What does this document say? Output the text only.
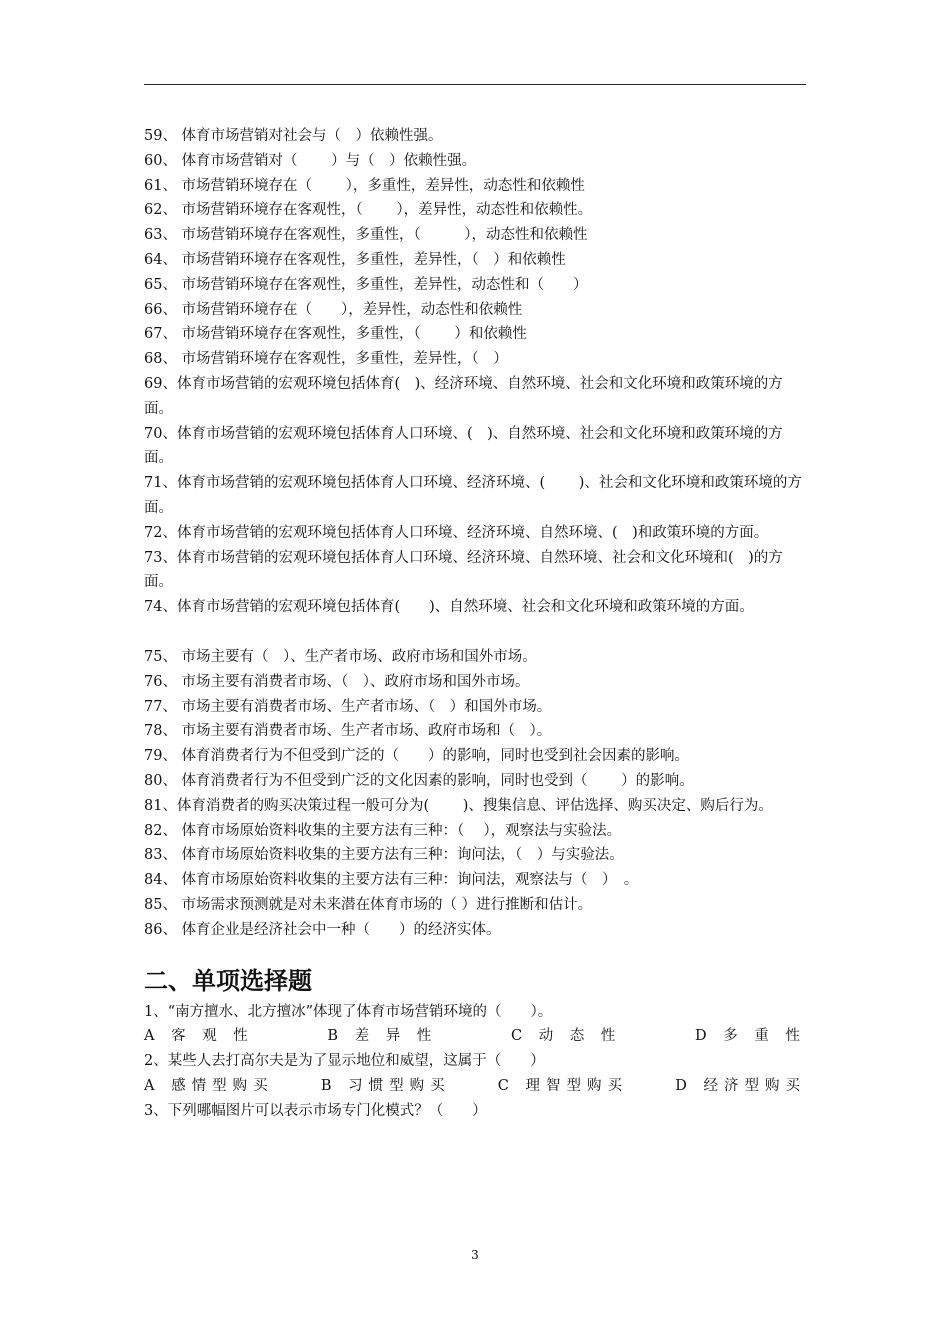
59、 体育市场营销对社会与（　）依赖性强。
60、 体育市场营销对（　　 ）与（　）依赖性强。
61、 市场营销环境存在（　　 ），多重性，差异性，动态性和依赖性
62、 市场营销环境存在客观性，（　　 ），差异性，动态性和依赖性。
63、 市场营销环境存在客观性，多重性，（　　　），动态性和依赖性
64、 市场营销环境存在客观性，多重性，差异性，（　）和依赖性
65、 市场营销环境存在客观性，多重性，差异性，动态性和（　　）
66、 市场营销环境存在（　　），差异性，动态性和依赖性
67、 市场营销环境存在客观性，多重性，（　　 ）和依赖性
68、 市场营销环境存在客观性，多重性，差异性，（　）
69、体育市场营销的宏观环境包括体育(　)、经济环境、自然环境、社会和文化环境和政策环境的方面。
70、体育市场营销的宏观环境包括体育人口环境、(　)、自然环境、社会和文化环境和政策环境的方面。
71、体育市场营销的宏观环境包括体育人口环境、经济环境、(　　 )、社会和文化环境和政策环境的方面。
72、体育市场营销的宏观环境包括体育人口环境、经济环境、自然环境、(　)和政策环境的方面。
73、体育市场营销的宏观环境包括体育人口环境、经济环境、自然环境、社会和文化环境和(　)的方面。
74、体育市场营销的宏观环境包括体育(　　)、自然环境、社会和文化环境和政策环境的方面。
75、 市场主要有（　）、生产者市场、政府市场和国外市场。
76、 市场主要有消费者市场、（　）、政府市场和国外市场。
77、 市场主要有消费者市场、生产者市场、（　）和国外市场。
78、 市场主要有消费者市场、生产者市场、政府市场和（　）。
79、 体育消费者行为不但受到广泛的（　　）的影响，同时也受到社会因素的影响。
80、 体育消费者行为不但受到广泛的文化因素的影响，同时也受到（　　 ）的影响。
81、体育消费者的购买决策过程一般可分为(　　 )、搜集信息、评估选择、购买决定、购后行为。
82、 体育市场原始资料收集的主要方法有三种：（　 ），观察法与实验法。
83、 体育市场原始资料收集的主要方法有三种：询问法，（　）与实验法。
84、 体育市场原始资料收集的主要方法有三种：询问法，观察法与（　）　。
85、 市场需求预测就是对未来潜在体育市场的（ ）进行推断和估计。
86、 体育企业是经济社会中一种（　　）的经济实体。
二、单项选择题
1、“南方擅水、北方擅冰”体现了体育市场营销环境的（　　）。
A 客 观 性	B 差 异 性	C 动 态 性	D 多 重 性
2、某些人去打高尔夫是为了显示地位和威望，这属于（　　）
A 感情型购买	B 习惯型购买	C 理智型购买	D 经济型购买
3、下列哪幅图片可以表示市场专门化模式？（　　）
3
